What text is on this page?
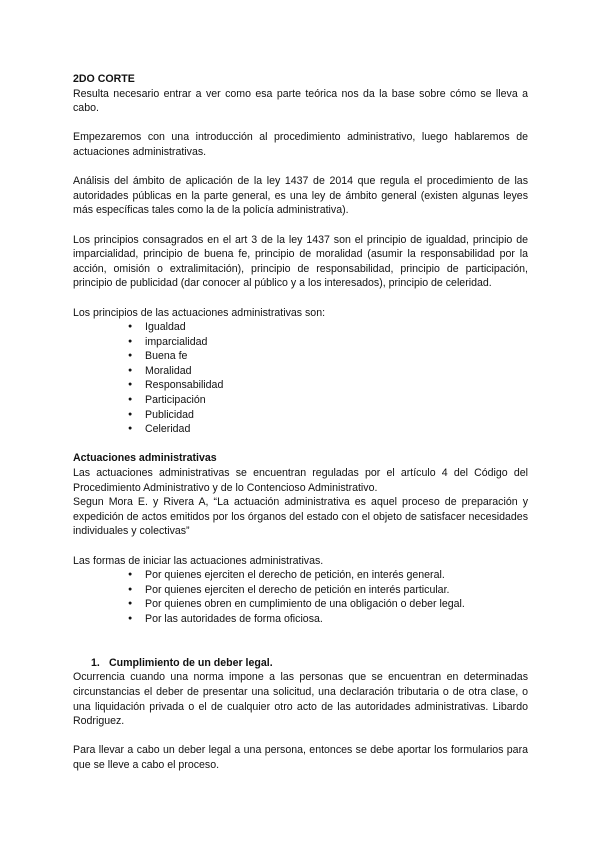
2DO CORTE

Resulta necesario entrar a ver como esa parte teórica nos da la base sobre cómo se lleva a cabo.

Empezaremos con una introducción al procedimiento administrativo, luego hablaremos de actuaciones administrativas.

Análisis del ámbito de aplicación de la ley 1437 de 2014 que regula el procedimiento de las autoridades públicas en la parte general, es una ley de ámbito general (existen algunas leyes más específicas tales como la de la policía administrativa).

Los principios consagrados en el art 3 de la ley 1437 son el principio de igualdad, principio de imparcialidad, principio de buena fe, principio de moralidad (asumir la responsabilidad por la acción, omisión o extralimitación), principio de responsabilidad, principio de participación, principio de publicidad (dar conocer al público y a los interesados), principio de celeridad.

Los principios de las actuaciones administrativas son:

● Igualdad
● imparcialidad
● Buena fe
● Moralidad
● Responsabilidad
● Participación
● Publicidad
● Celeridad

Actuaciones administrativas

Las actuaciones administrativas se encuentran reguladas por el artículo 4 del Código del Procedimiento Administrativo y de lo Contencioso Administrativo.

Segun Mora E. y Rivera A, “La actuación administrativa es aquel proceso de preparación y expedición de actos emitidos por los órganos del estado con el objeto de satisfacer necesidades individuales y colectivas”

Las formas de iniciar las actuaciones administrativas.

● Por quienes ejerciten el derecho de petición, en interés general.
● Por quienes ejerciten el derecho de petición en interés particular.
● Por quienes obren en cumplimiento de una obligación o deber legal.
● Por las autoridades de forma oficiosa.

1. Cumplimiento de un deber legal.

Ocurrencia cuando una norma impone a las personas que se encuentran en determinadas circunstancias el deber de presentar una solicitud, una declaración tributaria o de otra clase, o una liquidación privada o el de cualquier otro acto de las autoridades administrativas. Libardo Rodriguez.

Para llevar a cabo un deber legal a una persona, entonces se debe aportar los formularios para que se lleve a cabo el proceso.
